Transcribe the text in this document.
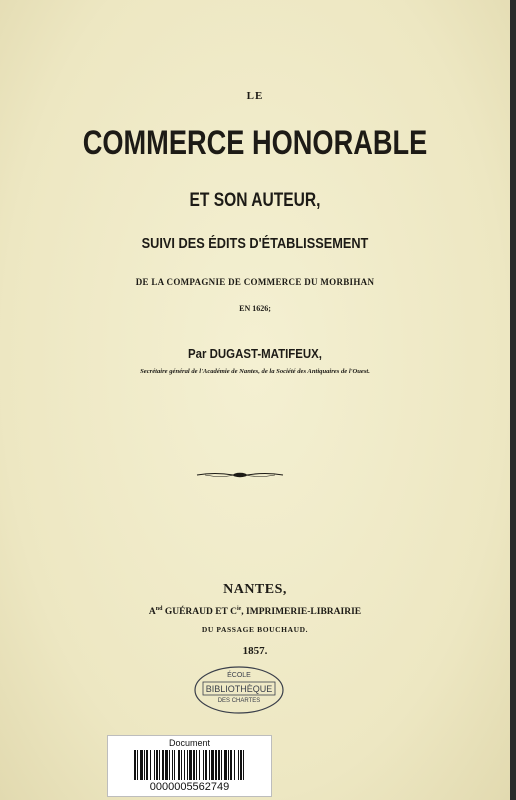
LE
COMMERCE HONORABLE
ET SON AUTEUR,
SUIVI DES ÉDITS D'ÉTABLISSEMENT
DE LA COMPAGNIE DE COMMERCE DU MORBIHAN
EN 1626;
Par DUGAST-MATIFEUX,
Secrétaire général de l'Académie de Nantes, de la Société des Antiquaires de l'Ouest.
NANTES,
$A^{nd}$ GUÉRAUD ET $C^{ie}$, IMPRIMERIE-LIBRAIRIE
DU PASSAGE BOUCHAUD.
1857.
ÉCOLE
BIBLIOTHÈQUE
DES CHARTES
Document
0000005562749
